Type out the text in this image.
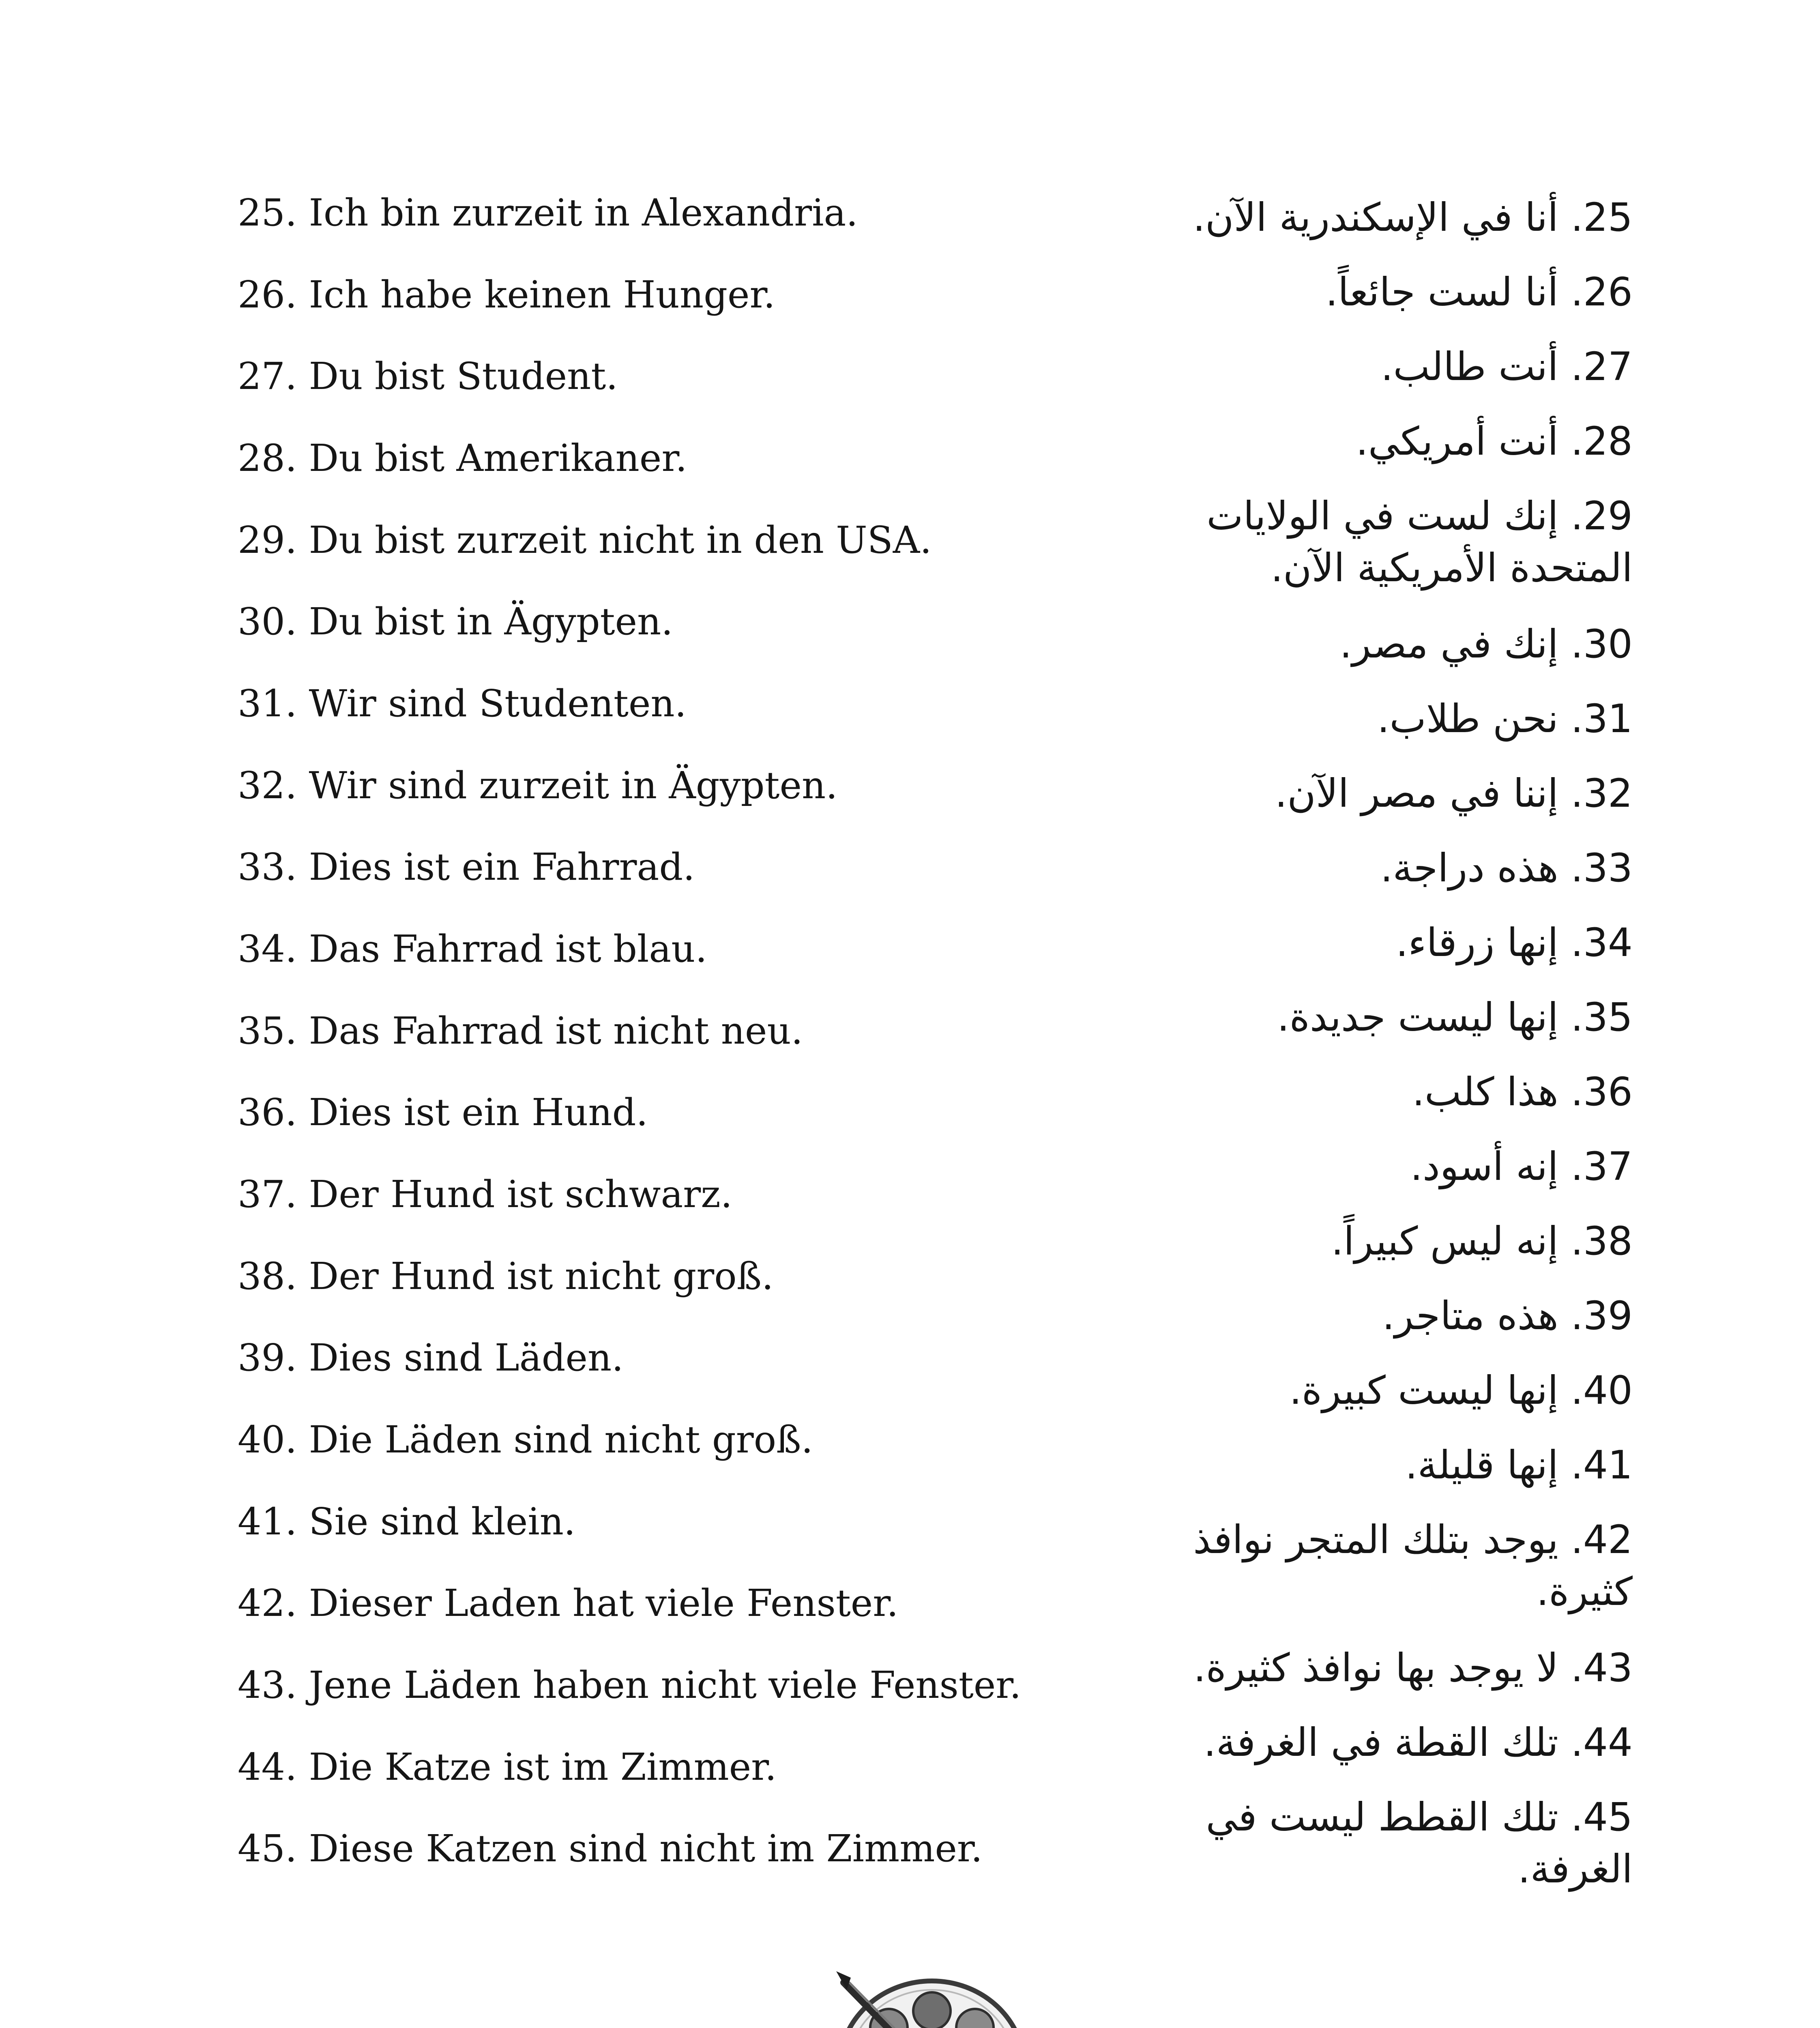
25. Ich bin zurzeit in Alexandria.
26. Ich habe keinen Hunger.
27. Du bist Student.
28. Du bist Amerikaner.
29. Du bist zurzeit nicht in den USA.
30. Du bist in Ägypten.
31. Wir sind Studenten.
32. Wir sind zurzeit in Ägypten.
33. Dies ist ein Fahrrad.
34. Das Fahrrad ist blau.
35. Das Fahrrad ist nicht neu.
36. Dies ist ein Hund.
37. Der Hund ist schwarz.
38. Der Hund ist nicht groß.
39. Dies sind Läden.
40. Die Läden sind nicht groß.
41. Sie sind klein.
42. Dieser Laden hat viele Fenster.
43. Jene Läden haben nicht viele Fenster.
44. Die Katze ist im Zimmer.
45. Diese Katzen sind nicht im Zimmer.
25. أنا في الإسكندرية الآن.
26. أنا لست جائعاً.
27. أنت طالب.
28. أنت أمريكي.
29. إنك لست في الولايات المتحدة الأمريكية الآن.
30. إنك في مصر.
31. نحن طلاب.
32. إننا في مصر الآن.
33. هذه دراجة.
34. إنها زرقاء.
35. إنها ليست جديدة.
36. هذا كلب.
37. إنه أسود.
38. إنه ليس كبيراً.
39. هذه متاجر.
40. إنها ليست كبيرة.
41. إنها قليلة.
42. يوجد بتلك المتجر نوافذ كثيرة.
43. لا يوجد بها نوافذ كثيرة.
44. تلك القطة في الغرفة.
45. تلك القطط ليست في الغرفة.
